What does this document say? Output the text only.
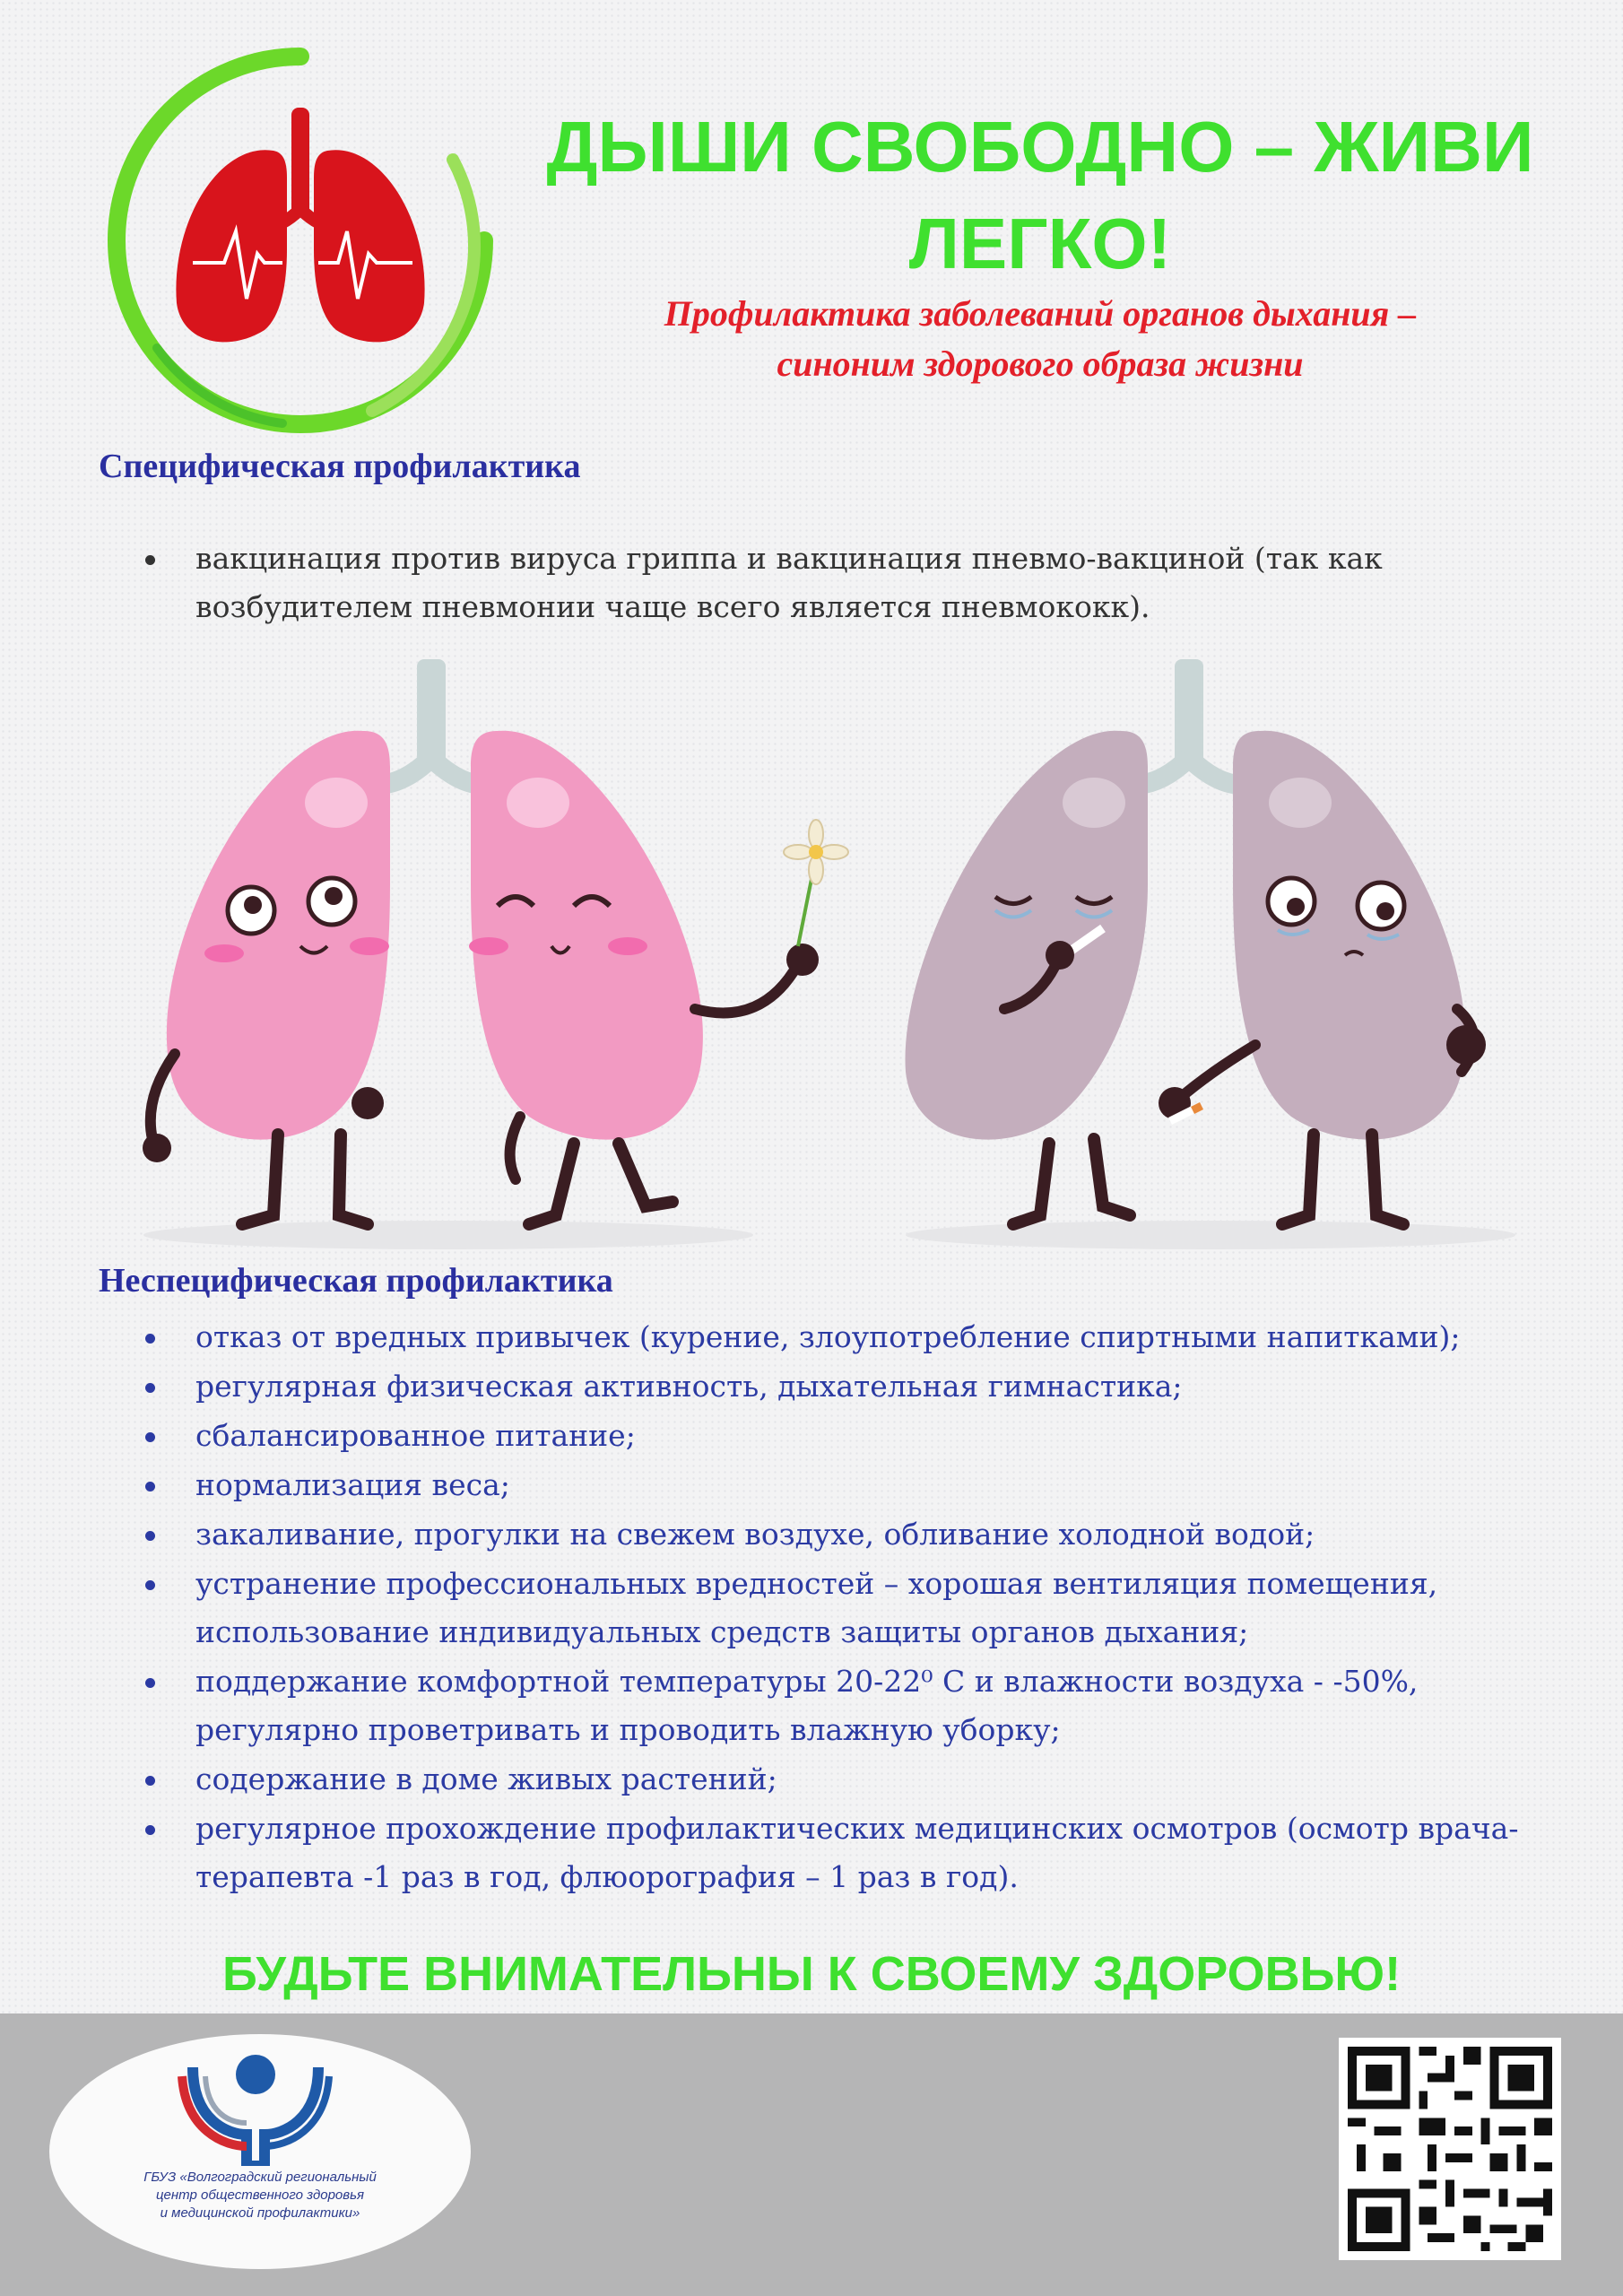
ДЫШИ СВОБОДНО – ЖИВИ
ЛЕГКО!

Профилактика заболеваний органов дыхания –
синоним здорового образа жизни

Специфическая профилактика
вакцинация против вируса гриппа и вакцинация пневмо-вакциной (так как возбудителем пневмонии чаще всего является пневмококк).
Неспецифическая профилактика
отказ от вредных привычек (курение, злоупотребление спиртными напитками);
регулярная физическая активность, дыхательная гимнастика;
сбалансированное питание;
нормализация веса;
закаливание, прогулки на свежем воздухе, обливание холодной водой;
устранение профессиональных вредностей – хорошая вентиляция помещения, использование индивидуальных средств защиты органов дыхания;
поддержание комфортной температуры 20-22⁰ С и влажности воздуха - -50%, регулярно проветривать и проводить влажную уборку;
содержание в доме живых растений;
регулярное прохождение профилактических медицинских осмотров (осмотр врача-терапевта -1 раз в год, флюорография – 1 раз в год).

БУДЬТЕ ВНИМАТЕЛЬНЫ К СВОЕМУ ЗДОРОВЬЮ!

ГБУЗ «Волгоградский региональный
центр общественного здоровья
и медицинской профилактики»
